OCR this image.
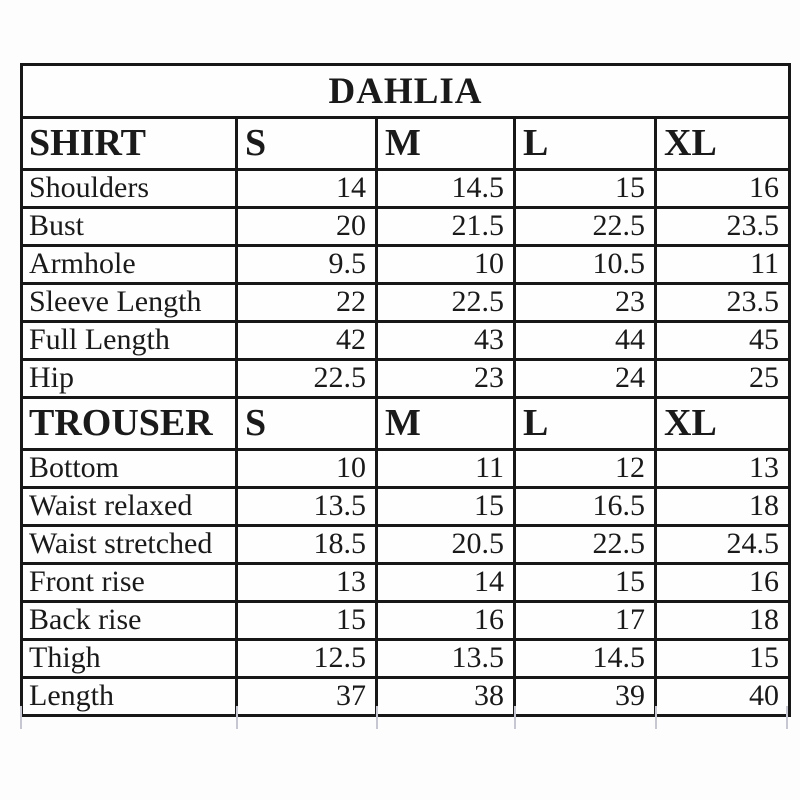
DAHLIA				
SHIRT	S	M	L	XL
Shoulders	14	14.5	15	16
Bust	20	21.5	22.5	23.5
Armhole	9.5	10	10.5	11
Sleeve Length	22	22.5	23	23.5
Full Length	42	43	44	45
Hip	22.5	23	24	25
TROUSER	S	M	L	XL
Bottom	10	11	12	13
Waist relaxed	13.5	15	16.5	18
Waist stretched	18.5	20.5	22.5	24.5
Front rise	13	14	15	16
Back rise	15	16	17	18
Thigh	12.5	13.5	14.5	15
Length	37	38	39	40
